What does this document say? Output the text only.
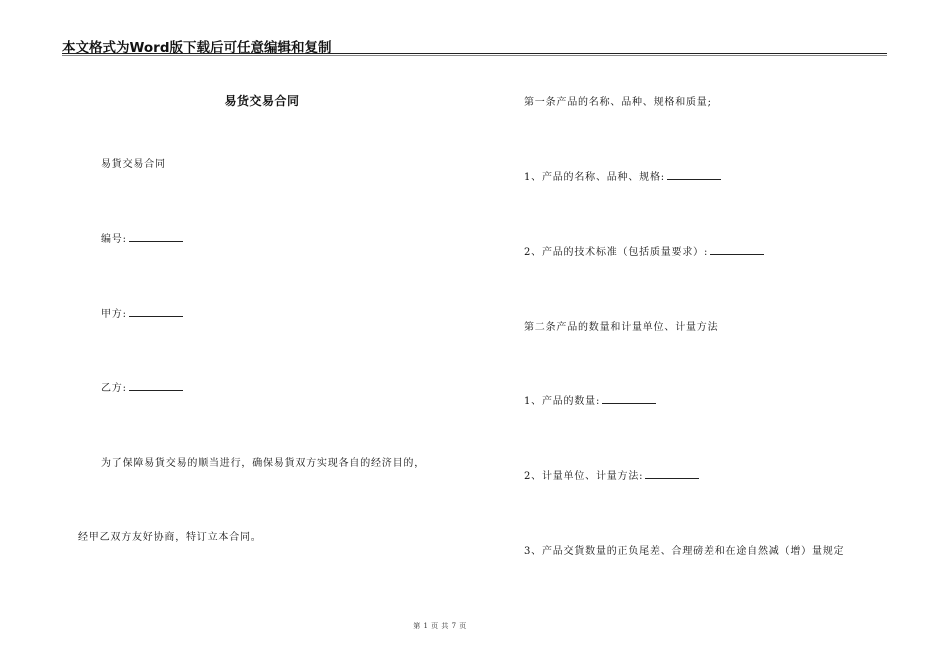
本文格式为Word版下载后可任意编辑和复制
易货交易合同
易貨交易合同
编号:
甲方:
乙方:
为了保障易貨交易的顺当进行，确保易貨双方实现各自的经济目的，
经甲乙双方友好协商，特订立本合同。
第一条产品的名称、品种、规格和质量;
1、产品的名称、品种、规格:
2、产品的技术标准（包括质量要求）:
第二条产品的数量和计量单位、计量方法
1、产品的数量:
2、计量单位、计量方法:
3、产品交貨数量的正负尾差、合理磅差和在途自然减（增）量规定
第 1 页 共 7 页
